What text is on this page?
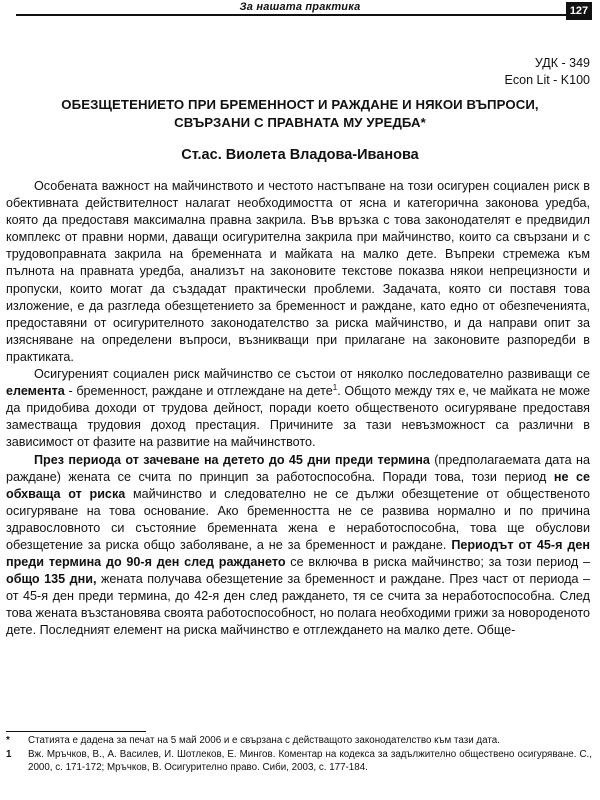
За нашата практика	127
УДК - 349
Econ Lit - K100
ОБЕЗЩЕТЕНИЕТО ПРИ БРЕМЕННОСТ И РАЖДАНЕ И НЯКОИ ВЪПРОСИ,
СВЪРЗАНИ С ПРАВНАТА МУ УРЕДБА*
Ст.ас. Виолета Владова-Иванова

Особената важност на майчинството и честото настъпване на този осигурен социален риск в обективната действителност налагат необходимостта от ясна и категорична законова уредба, която да предоставя максимална правна закрила. Във връзка с това законодателят е предвидил комплекс от правни норми, даващи осигурителна закрила при майчинство, които са свързани и с трудовоправната закрила на бременната и майката на малко дете. Въпреки стремежа към пълнота на правната уредба, анализът на законовите текстове показва някои непрецизности и пропуски, които могат да създадат практически проблеми. Задачата, която си поставя това изложение, е да разгледа обезщетението за бременност и раждане, като едно от обезпеченията, предоставяни от осигурителното законодателство за риска майчинство, и да направи опит за изясняване на определени въпроси, възникващи при прилагане на законовите разпоредби в практиката.

Осигуреният социален риск майчинство се състои от няколко последователно развиващи се елемента - бременност, раждане и отглеждане на дете$^1$. Общото между тях е, че майката не може да придобива доходи от трудова дейност, поради което общественото осигуряване предоставя заместваща трудовия доход престация. Причините за тази невъзможност са различни в зависимост от фазите на развитие на майчинството.

През периода от зачеване на детето до 45 дни преди термина (предполагаемата дата на раждане) жената се счита по принцип за работоспособна. Поради това, този период не се обхваща от риска майчинство и следователно не се дължи обезщетение от общественото осигуряване на това основание. Ако бременността не се развива нормално и по причина здравословното си състояние бременната жена е неработоспособна, това ще обуслови обезщетение за риска общо заболяване, а не за бременност и раждане. Периодът от 45-я ден преди термина до 90-я ден след раждането се включва в риска майчинство; за този период – общо 135 дни, жената получава обезщетение за бременност и раждане. През част от периода – от 45-я ден преди термина, до 42-я ден след раждането, тя се счита за неработоспособна. След това жената възстановява своята работоспособност, но полага необходими грижи за новороденото дете. Последният елемент на риска майчинство е отглеждането на малко дете. Обще-

*	Статията е дадена за печат на 5 май 2006 и е свързана с действащото законодателство към тази дата.
1	Вж. Мръчков, В., А. Василев, И. Шотлеков, Е. Мингов. Коментар на кодекса за задължително обществено осигуряване. С., 2000, с. 171-172; Мръчков, В. Осигурително право. Сиби, 2003, с. 177-184.
